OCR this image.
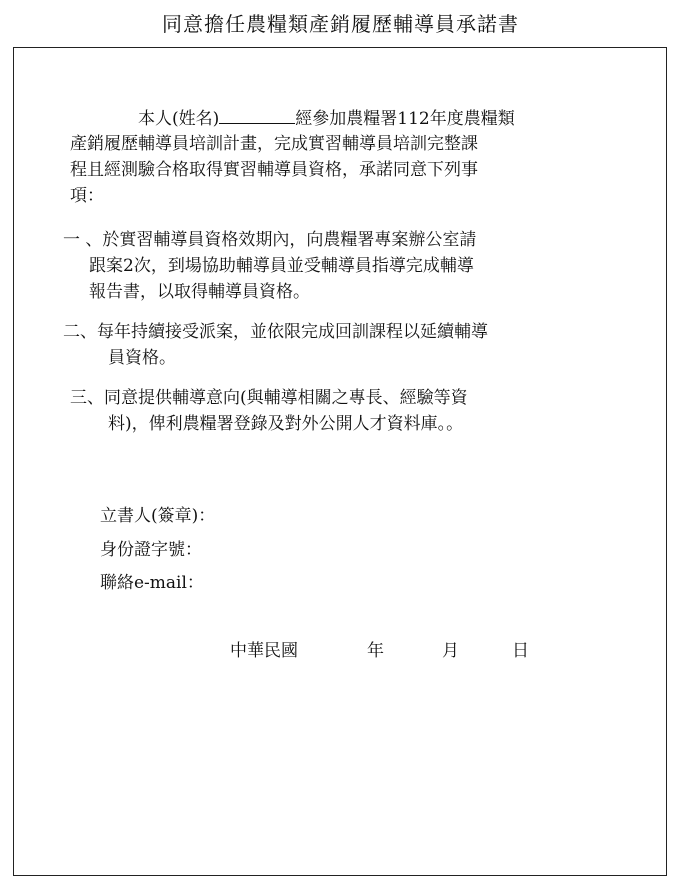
同意擔任農糧類產銷履歷輔導員承諾書
本人(姓名)	經參加農糧署112年度農糧類
產銷履歷輔導員培訓計畫，完成實習輔導員培訓完整課
程且經測驗合格取得實習輔導員資格，承諾同意下列事
項：
一 、於實習輔導員資格效期內，向農糧署專案辦公室請
跟案2次，到場協助輔導員並受輔導員指導完成輔導
報告書，以取得輔導員資格。
二、每年持續接受派案，並依限完成回訓課程以延續輔導
員資格。
三、同意提供輔導意向(與輔導相關之專長、經驗等資
料)，俾利農糧署登錄及對外公開人才資料庫。。
立書人(簽章)：
身份證字號：
聯絡e-mail：
中華民國	年	月	日
